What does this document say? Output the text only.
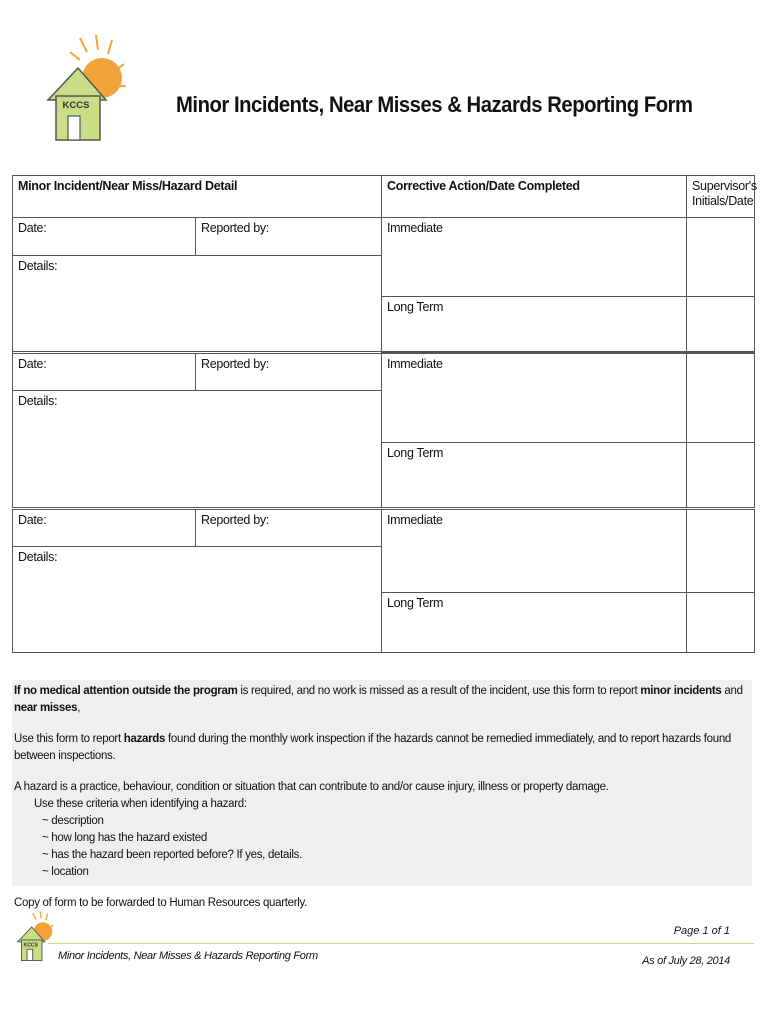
KCCS	Minor Incidents, Near Misses & Hazards Reporting Form
Minor Incident/Near Miss/Hazard Detail		Corrective Action/Date Completed	Supervisor's Initials/Date
Date:	Reported by:	Immediate	
Details:			
		Long Term	

Date:	Reported by:	Immediate	
Details:			
		Long Term	
Date:	Reported by:	Immediate	
Details:			
		Long Term	

If no medical attention outside the program is required, and no work is missed as a result of the incident, use this form to report minor incidents and near misses,

Use this form to report hazards found during the monthly work inspection if the hazards cannot be remedied immediately, and to report hazards found between inspections.

A hazard is a practice, behaviour, condition or situation that can contribute to and/or cause injury, illness or property damage.

Use these criteria when identifying a hazard:

~ description

~ how long has the hazard existed

~ has the hazard been reported before? If yes, details.

~ location

Copy of form to be forwarded to Human Resources quarterly.

KCCS
Page 1 of 1
Minor Incidents, Near Misses & Hazards Reporting Form	As of July 28, 2014
